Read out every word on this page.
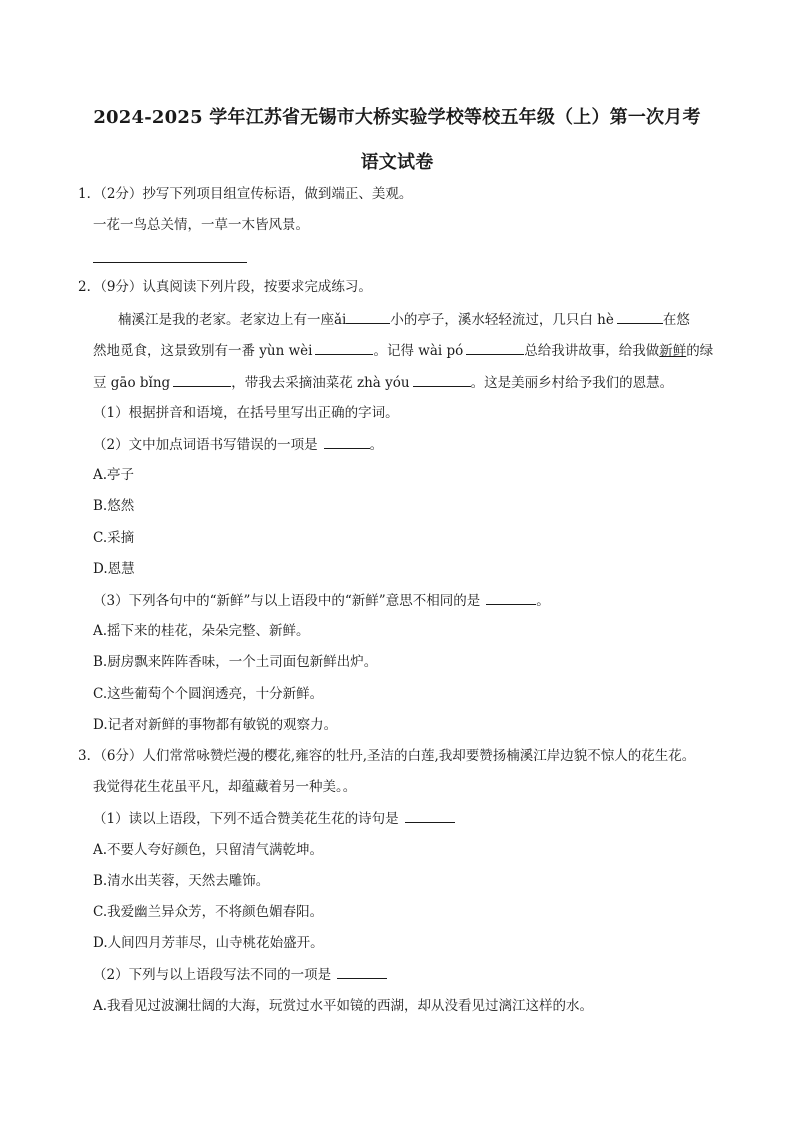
2024-2025 学年江苏省无锡市大桥实验学校等校五年级（上）第一次月考
语文试卷
1．（2分）抄写下列项目组宣传标语，做到端正、美观。
一花一鸟总关情，一草一木皆风景。
2．（9分）认真阅读下列片段，按要求完成练习。
楠溪江是我的老家。老家边上有一座ǎi	小的亭子，溪水轻轻流过，几只白 hè	在悠
然地觅食，这景致别有一番 yùn wèi	。记得 wài pó	总给我讲故事，给我做新鲜的绿
豆 gāo bǐng	，带我去采摘油菜花 zhà yóu	。这是美丽乡村给予我们的恩慧。
（1）根据拼音和语境，在括号里写出正确的字词。
（2）文中加点词语书写错误的一项是	。
A.亭子
B.悠然
C.采摘
D.恩慧
（3）下列各句中的“新鲜”与以上语段中的“新鲜”意思不相同的是	。
A.摇下来的桂花，朵朵完整、新鲜。
B.厨房飘来阵阵香味，一个土司面包新鲜出炉。
C.这些葡萄个个圆润透亮，十分新鲜。
D.记者对新鲜的事物都有敏锐的观察力。
3．（6分）人们常常咏赞烂漫的樱花,雍容的牡丹,圣洁的白莲,我却要赞扬楠溪江岸边貌不惊人的花生花。
我觉得花生花虽平凡，却蕴藏着另一种美。。
（1）读以上语段，下列不适合赞美花生花的诗句是
A.不要人夸好颜色，只留清气满乾坤。
B.清水出芙蓉，天然去雕饰。
C.我爱幽兰异众芳，不将颜色媚春阳。
D.人间四月芳菲尽，山寺桃花始盛开。
（2）下列与以上语段写法不同的一项是
A.我看见过波澜壮阔的大海，玩赏过水平如镜的西湖，却从没看见过漓江这样的水。
